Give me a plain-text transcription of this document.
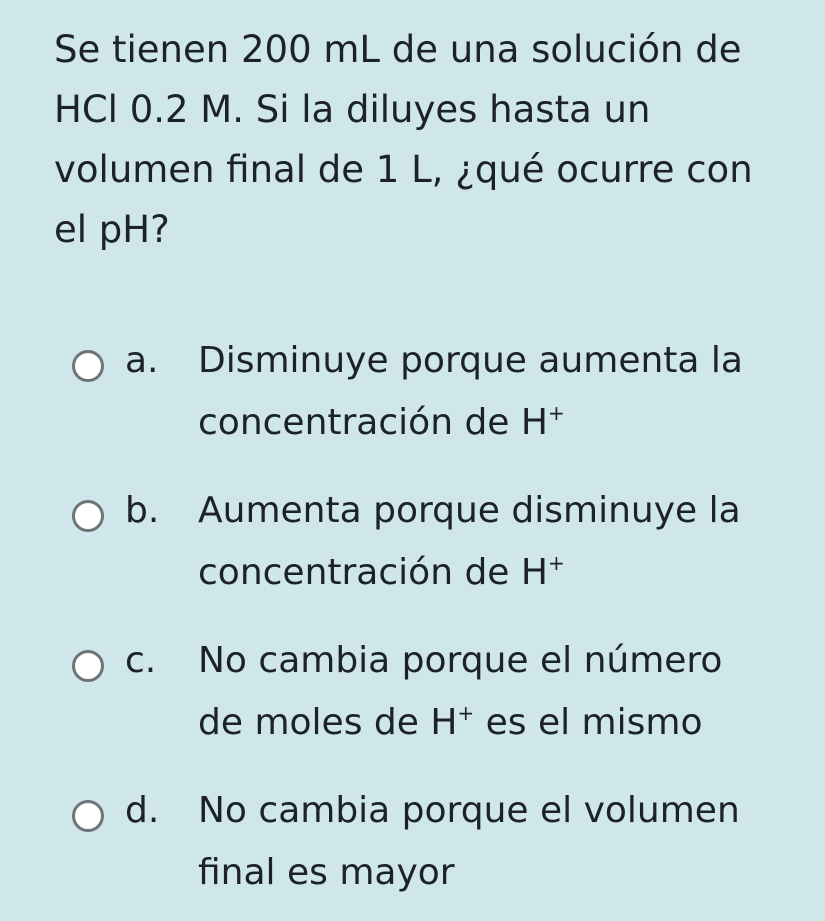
Se tienen 200 mL de una solución de HCl 0.2 M. Si la diluyes hasta un volumen final de 1 L, ¿qué ocurre con el pH?

a. Disminuye porque aumenta la concentración de H+
b. Aumenta porque disminuye la concentración de H+
c. No cambia porque el número de moles de H+ es el mismo
d. No cambia porque el volumen final es mayor
